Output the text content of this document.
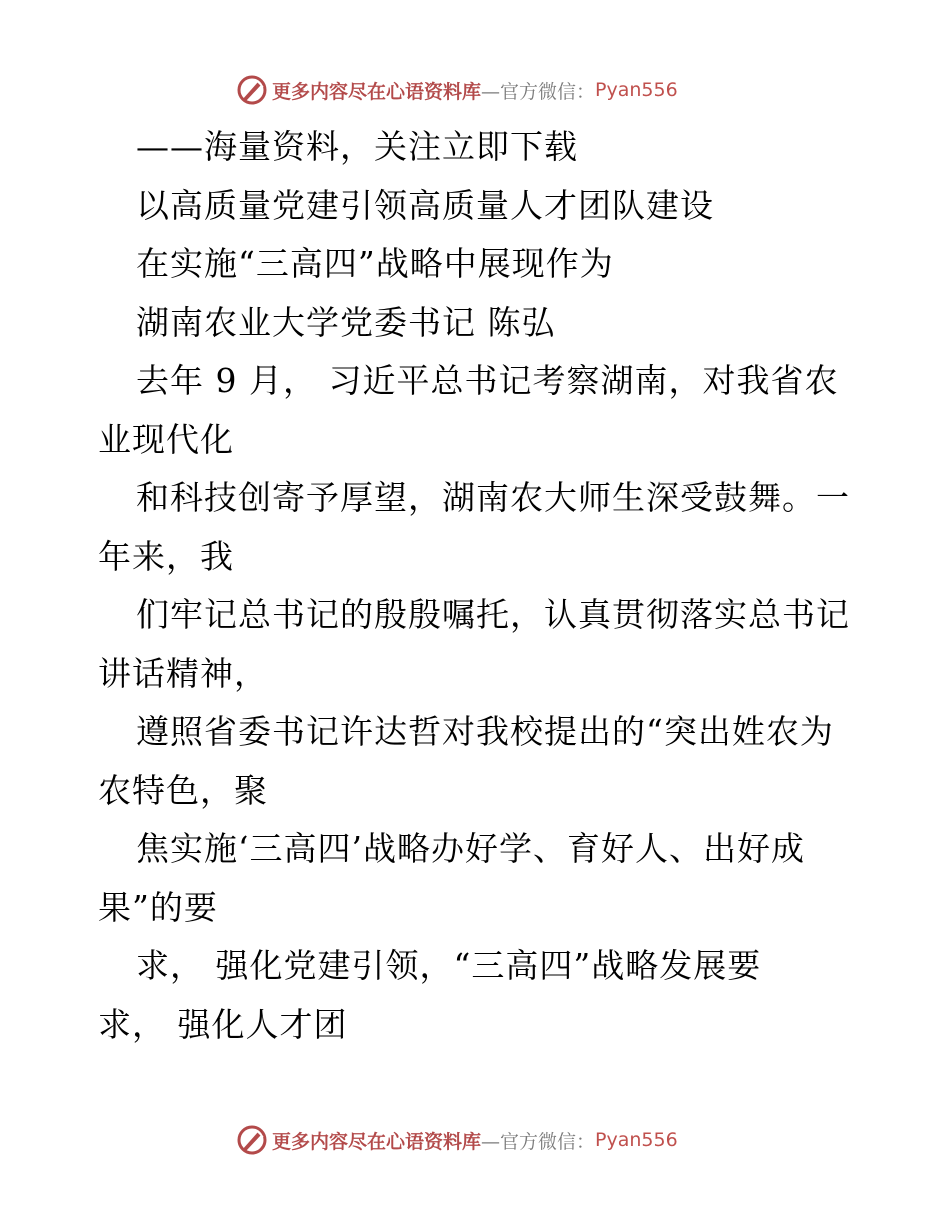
更多内容尽在心语资料库 —官方微信： Pyan556
——海量资料，关注立即下载
以高质量党建引领高质量人才团队建设
在实施“三高四”战略中展现作为
湖南农业大学党委书记 陈弘
去年 9 月， 习近平总书记考察湖南，对我省农
业现代化
和科技创寄予厚望，湖南农大师生深受鼓舞。一
年来，我
们牢记总书记的殷殷嘱托，认真贯彻落实总书记
讲话精神，
遵照省委书记许达哲对我校提出的“突出姓农为
农特色，聚
焦实施‘三高四’战略办好学、育好人、出好成
果”的要
求， 强化党建引领，“三高四”战略发展要
求， 强化人才团
更多内容尽在心语资料库 —官方微信： Pyan556
